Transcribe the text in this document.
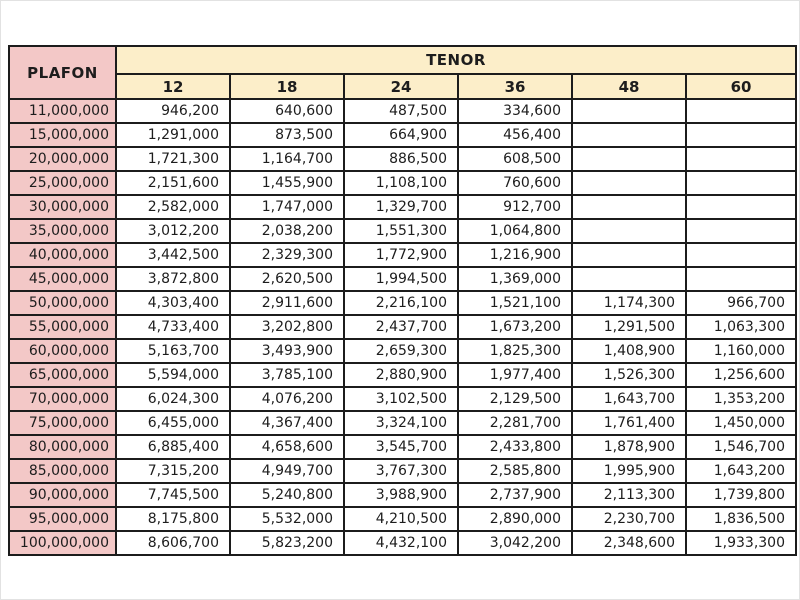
PLAFON	TENOR					
	12	18	24	36	48	60
11,000,000	946,200	640,600	487,500	334,600		
15,000,000	1,291,000	873,500	664,900	456,400		
20,000,000	1,721,300	1,164,700	886,500	608,500		
25,000,000	2,151,600	1,455,900	1,108,100	760,600		
30,000,000	2,582,000	1,747,000	1,329,700	912,700		
35,000,000	3,012,200	2,038,200	1,551,300	1,064,800		
40,000,000	3,442,500	2,329,300	1,772,900	1,216,900		
45,000,000	3,872,800	2,620,500	1,994,500	1,369,000		
50,000,000	4,303,400	2,911,600	2,216,100	1,521,100	1,174,300	966,700
55,000,000	4,733,400	3,202,800	2,437,700	1,673,200	1,291,500	1,063,300
60,000,000	5,163,700	3,493,900	2,659,300	1,825,300	1,408,900	1,160,000
65,000,000	5,594,000	3,785,100	2,880,900	1,977,400	1,526,300	1,256,600
70,000,000	6,024,300	4,076,200	3,102,500	2,129,500	1,643,700	1,353,200
75,000,000	6,455,000	4,367,400	3,324,100	2,281,700	1,761,400	1,450,000
80,000,000	6,885,400	4,658,600	3,545,700	2,433,800	1,878,900	1,546,700
85,000,000	7,315,200	4,949,700	3,767,300	2,585,800	1,995,900	1,643,200
90,000,000	7,745,500	5,240,800	3,988,900	2,737,900	2,113,300	1,739,800
95,000,000	8,175,800	5,532,000	4,210,500	2,890,000	2,230,700	1,836,500
100,000,000	8,606,700	5,823,200	4,432,100	3,042,200	2,348,600	1,933,300
